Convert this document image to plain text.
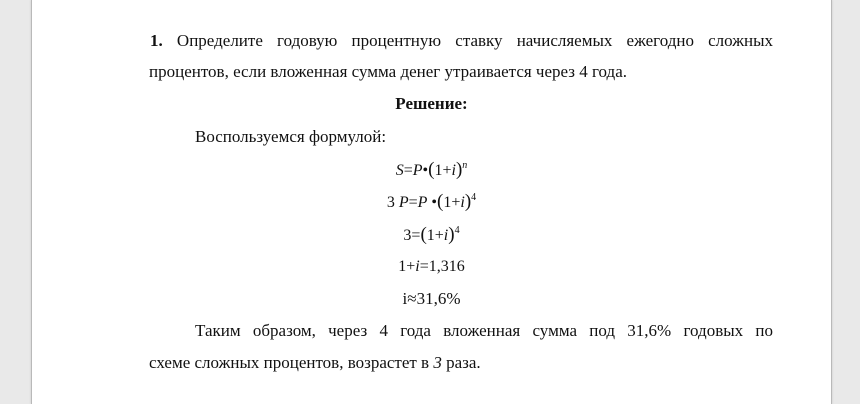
1. Определите годовую процентную ставку начисляемых ежегодно сложных
процентов, если вложенная сумма денег утраивается через 4 года.
Решение:
Воспользуемся формулой:
$S=P•(1+i)^n$
3 P=P $•(1+i)^4$
$3=(1+i)^4$
1+i=1,316
i≈31,6%
Таким образом, через 4 года вложенная сумма под 31,6% годовых по
схеме сложных процентов, возрастет в 3 раза.
